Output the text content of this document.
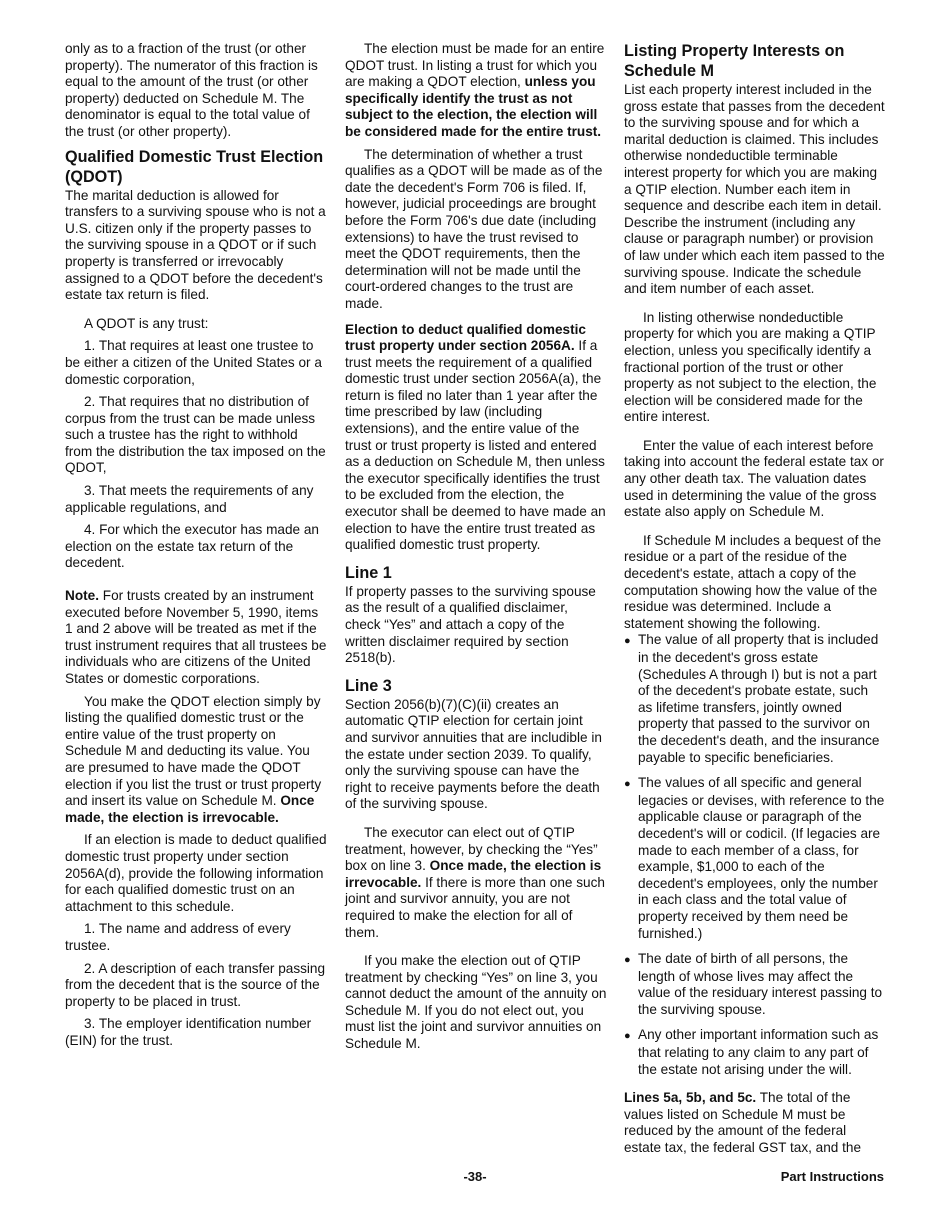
only as to a fraction of the trust (or other property). The numerator of this fraction is equal to the amount of the trust (or other property) deducted on Schedule M. The denominator is equal to the total value of the trust (or other property).

Qualified Domestic Trust Election (QDOT)

The marital deduction is allowed for transfers to a surviving spouse who is not a U.S. citizen only if the property passes to the surviving spouse in a QDOT or if such property is transferred or irrevocably assigned to a QDOT before the decedent's estate tax return is filed.

A QDOT is any trust:

1. That requires at least one trustee to be either a citizen of the United States or a domestic corporation,

2. That requires that no distribution of corpus from the trust can be made unless such a trustee has the right to withhold from the distribution the tax imposed on the QDOT,

3. That meets the requirements of any applicable regulations, and

4. For which the executor has made an election on the estate tax return of the decedent.

Note. For trusts created by an instrument executed before November 5, 1990, items 1 and 2 above will be treated as met if the trust instrument requires that all trustees be individuals who are citizens of the United States or domestic corporations.

You make the QDOT election simply by listing the qualified domestic trust or the entire value of the trust property on Schedule M and deducting its value. You are presumed to have made the QDOT election if you list the trust or trust property and insert its value on Schedule M. Once made, the election is irrevocable.

If an election is made to deduct qualified domestic trust property under section 2056A(d), provide the following information for each qualified domestic trust on an attachment to this schedule.

1. The name and address of every trustee.

2. A description of each transfer passing from the decedent that is the source of the property to be placed in trust.

3. The employer identification number (EIN) for the trust.

The election must be made for an entire QDOT trust. In listing a trust for which you are making a QDOT election, unless you specifically identify the trust as not subject to the election, the election will be considered made for the entire trust.

The determination of whether a trust qualifies as a QDOT will be made as of the date the decedent's Form 706 is filed. If, however, judicial proceedings are brought before the Form 706's due date (including extensions) to have the trust revised to meet the QDOT requirements, then the determination will not be made until the court-ordered changes to the trust are made.

Election to deduct qualified domestic trust property under section 2056A. If a trust meets the requirement of a qualified domestic trust under section 2056A(a), the return is filed no later than 1 year after the time prescribed by law (including extensions), and the entire value of the trust or trust property is listed and entered as a deduction on Schedule M, then unless the executor specifically identifies the trust to be excluded from the election, the executor shall be deemed to have made an election to have the entire trust treated as qualified domestic trust property.

Line 1

If property passes to the surviving spouse as the result of a qualified disclaimer, check “Yes” and attach a copy of the written disclaimer required by section 2518(b).

Line 3

Section 2056(b)(7)(C)(ii) creates an automatic QTIP election for certain joint and survivor annuities that are includible in the estate under section 2039. To qualify, only the surviving spouse can have the right to receive payments before the death of the surviving spouse.

The executor can elect out of QTIP treatment, however, by checking the “Yes” box on line 3. Once made, the election is irrevocable. If there is more than one such joint and survivor annuity, you are not required to make the election for all of them.

If you make the election out of QTIP treatment by checking “Yes” on line 3, you cannot deduct the amount of the annuity on Schedule M. If you do not elect out, you must list the joint and survivor annuities on Schedule M.

Listing Property Interests on Schedule M

List each property interest included in the gross estate that passes from the decedent to the surviving spouse and for which a marital deduction is claimed. This includes otherwise nondeductible terminable interest property for which you are making a QTIP election. Number each item in sequence and describe each item in detail. Describe the instrument (including any clause or paragraph number) or provision of law under which each item passed to the surviving spouse. Indicate the schedule and item number of each asset.

In listing otherwise nondeductible property for which you are making a QTIP election, unless you specifically identify a fractional portion of the trust or other property as not subject to the election, the election will be considered made for the entire interest.

Enter the value of each interest before taking into account the federal estate tax or any other death tax. The valuation dates used in determining the value of the gross estate also apply on Schedule M.

If Schedule M includes a bequest of the residue or a part of the residue of the decedent's estate, attach a copy of the computation showing how the value of the residue was determined. Include a statement showing the following.

● The value of all property that is included in the decedent's gross estate (Schedules A through I) but is not a part of the decedent's probate estate, such as lifetime transfers, jointly owned property that passed to the survivor on the decedent's death, and the insurance payable to specific beneficiaries.

● The values of all specific and general legacies or devises, with reference to the applicable clause or paragraph of the decedent's will or codicil. (If legacies are made to each member of a class, for example, $1,000 to each of the decedent's employees, only the number in each class and the total value of property received by them need be furnished.)

● The date of birth of all persons, the length of whose lives may affect the value of the residuary interest passing to the surviving spouse.

● Any other important information such as that relating to any claim to any part of the estate not arising under the will.

Lines 5a, 5b, and 5c. The total of the values listed on Schedule M must be reduced by the amount of the federal estate tax, the federal GST tax, and the

-38-	Part Instructions
